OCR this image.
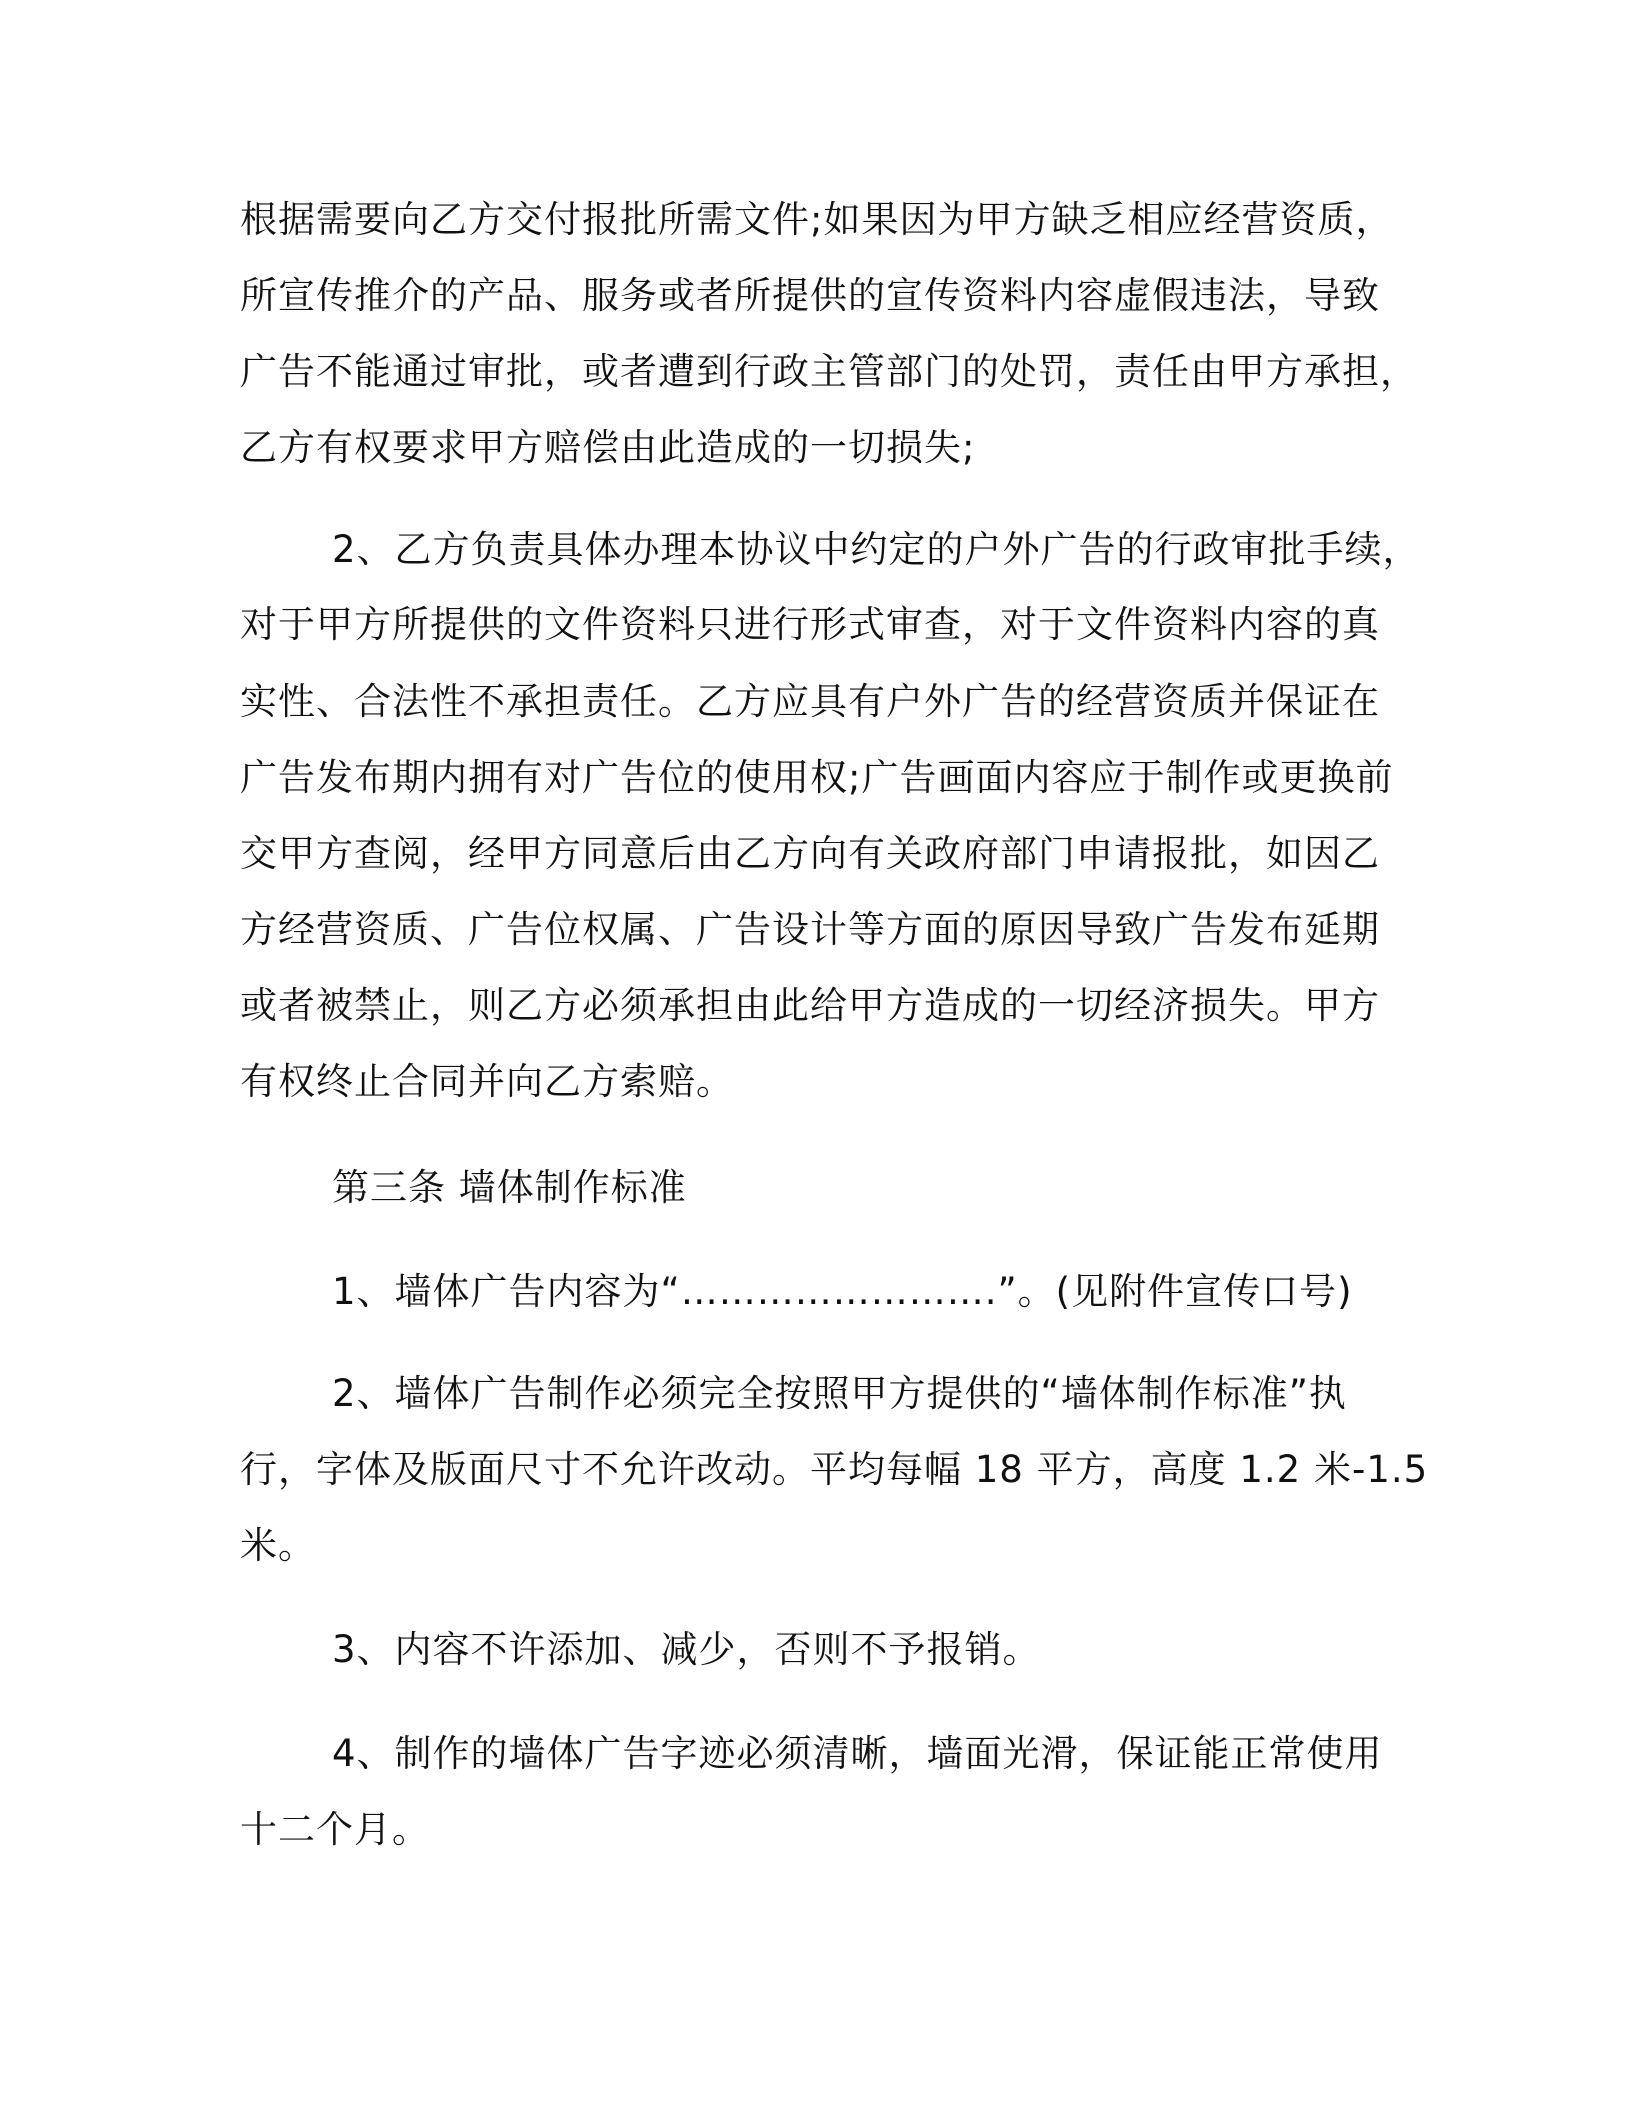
根据需要向乙方交付报批所需文件;如果因为甲方缺乏相应经营资质，
所宣传推介的产品、服务或者所提供的宣传资料内容虚假违法，导致
广告不能通过审批，或者遭到行政主管部门的处罚，责任由甲方承担，
乙方有权要求甲方赔偿由此造成的一切损失;
2、乙方负责具体办理本协议中约定的户外广告的行政审批手续，
对于甲方所提供的文件资料只进行形式审查，对于文件资料内容的真
实性、合法性不承担责任。乙方应具有户外广告的经营资质并保证在
广告发布期内拥有对广告位的使用权;广告画面内容应于制作或更换前
交甲方查阅，经甲方同意后由乙方向有关政府部门申请报批，如因乙
方经营资质、广告位权属、广告设计等方面的原因导致广告发布延期
或者被禁止，则乙方必须承担由此给甲方造成的一切经济损失。甲方
有权终止合同并向乙方索赔。
第三条 墙体制作标准
1、墙体广告内容为“…………………….”。(见附件宣传口号)
2、墙体广告制作必须完全按照甲方提供的“墙体制作标准”执
行，字体及版面尺寸不允许改动。平均每幅 18 平方，高度 1.2 米-1.5
米。
3、内容不许添加、减少，否则不予报销。
4、制作的墙体广告字迹必须清晰，墙面光滑，保证能正常使用
十二个月。
